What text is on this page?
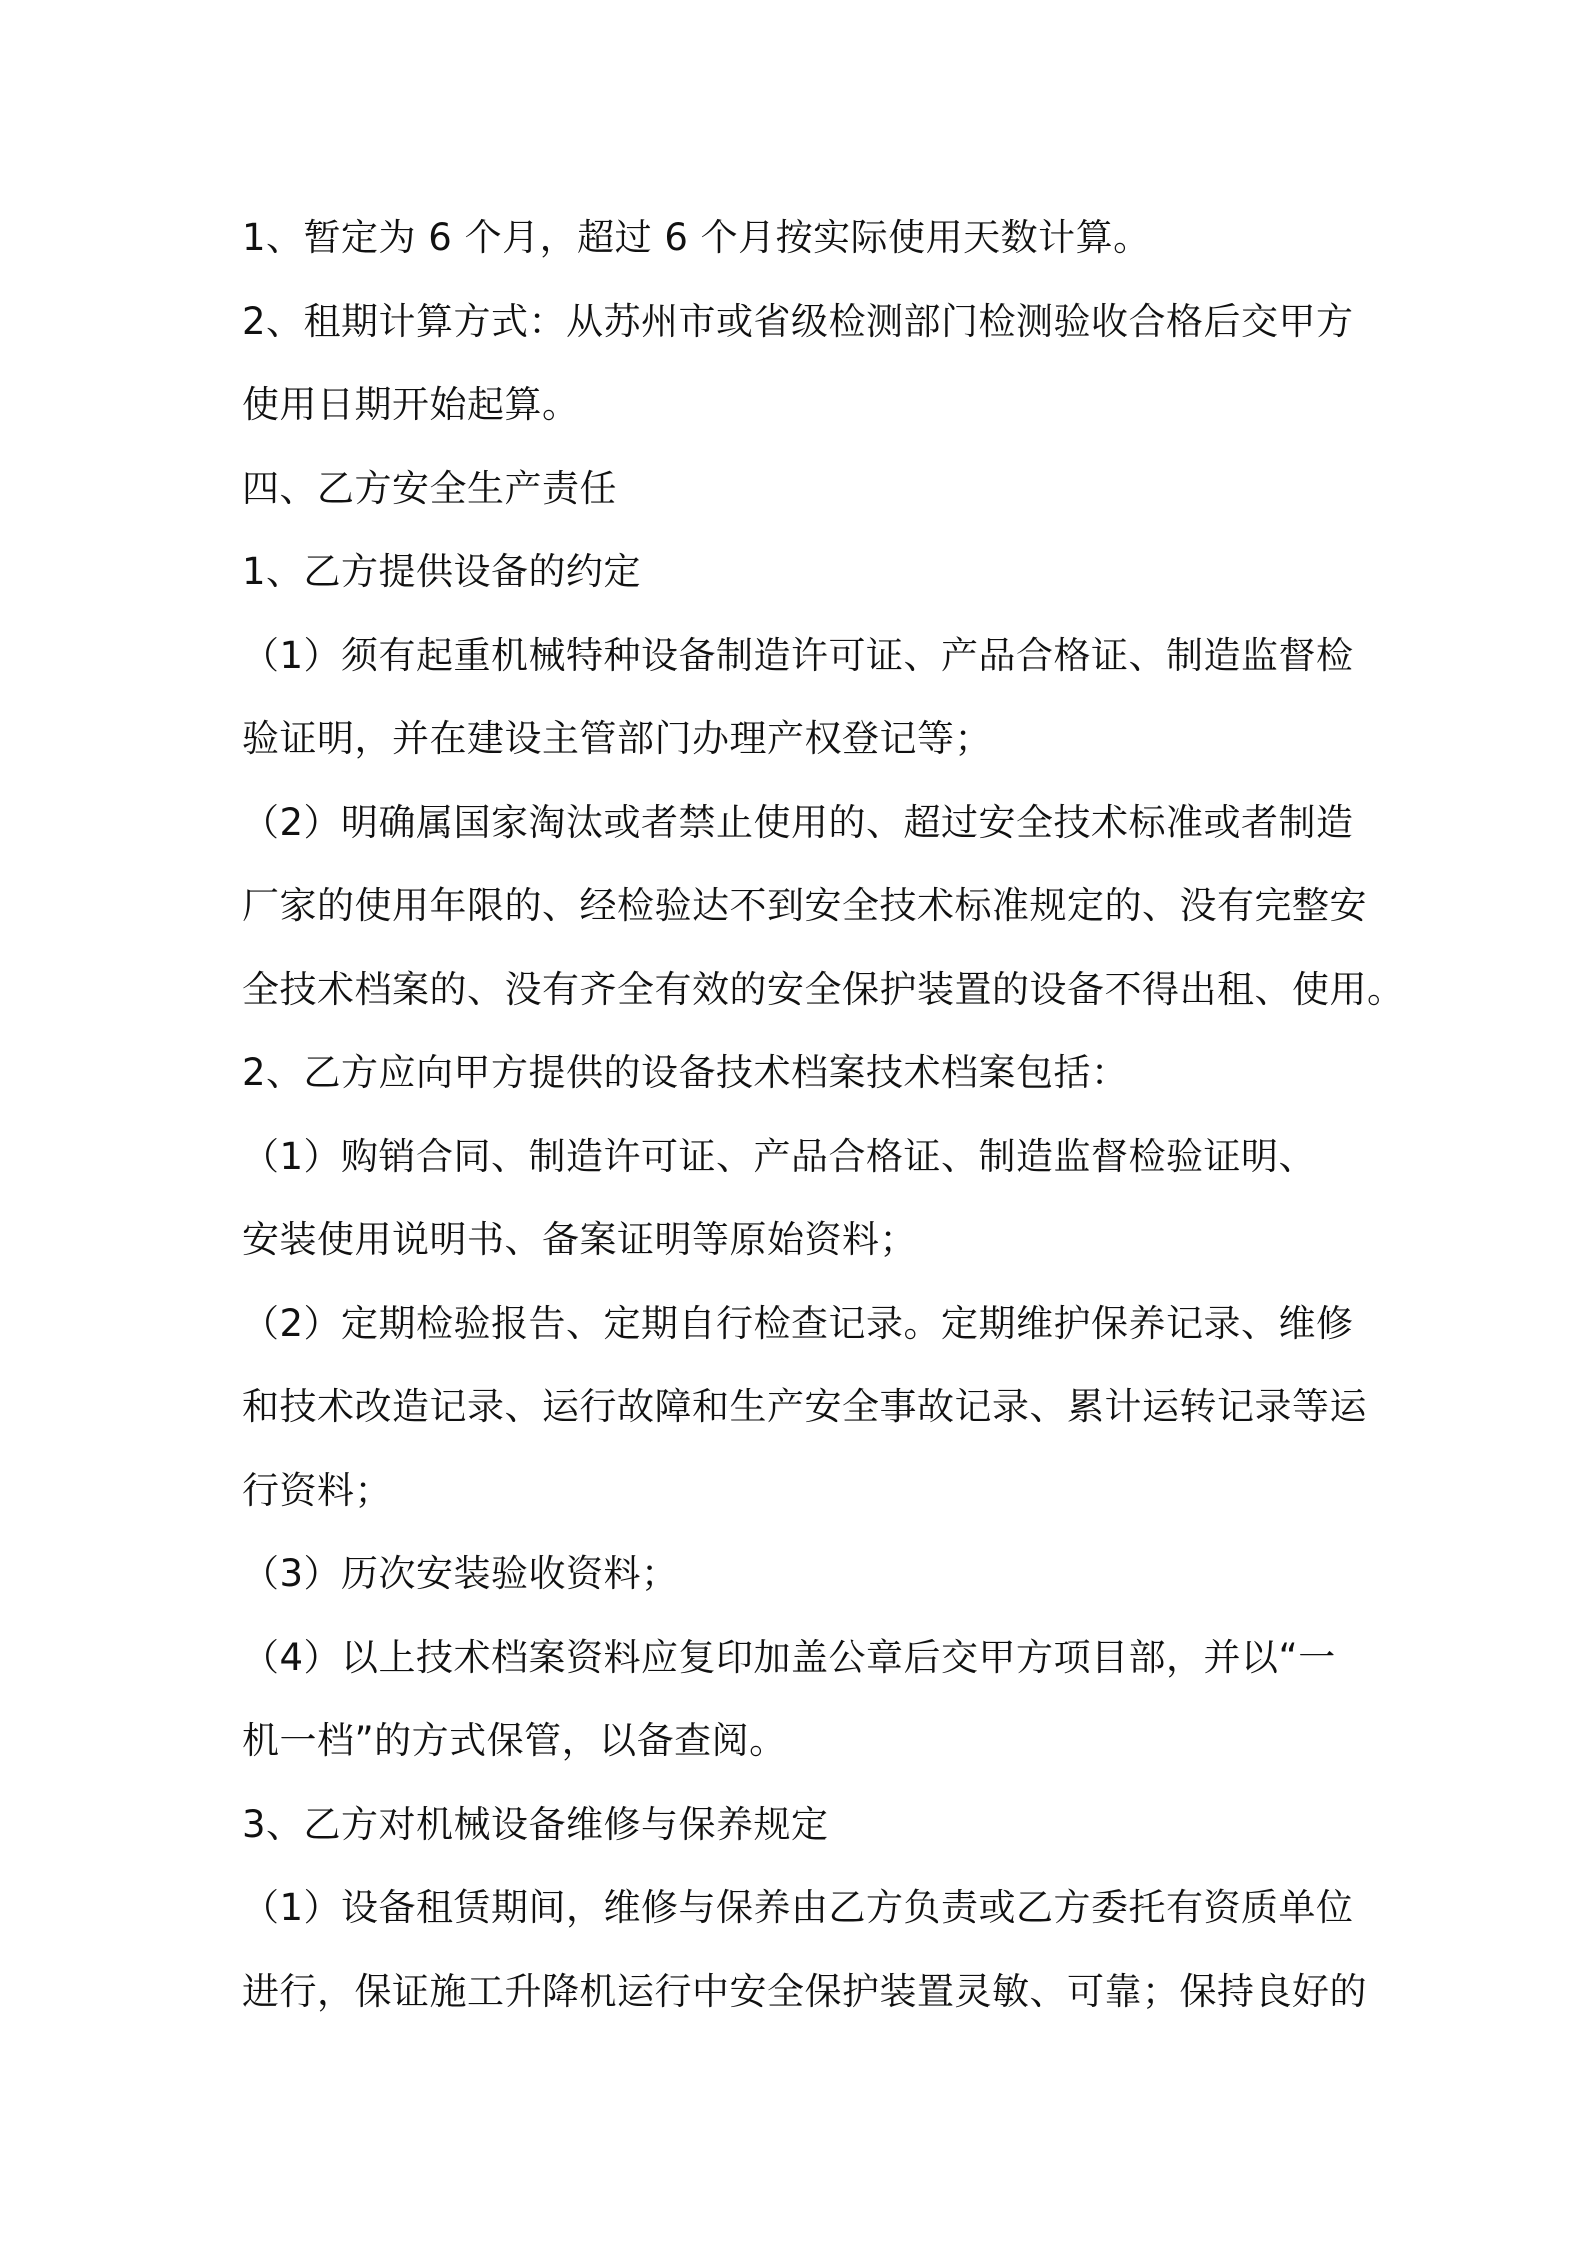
1、暂定为 6 个月，超过 6 个月按实际使用天数计算。

2、租期计算方式：从苏州市或省级检测部门检测验收合格后交甲方

使用日期开始起算。

四、乙方安全生产责任

1、乙方提供设备的约定

（1）须有起重机械特种设备制造许可证、产品合格证、制造监督检

验证明，并在建设主管部门办理产权登记等；

（2）明确属国家淘汰或者禁止使用的、超过安全技术标准或者制造

厂家的使用年限的、经检验达不到安全技术标准规定的、没有完整安

全技术档案的、没有齐全有效的安全保护装置的设备不得出租、使用。

2、乙方应向甲方提供的设备技术档案技术档案包括：

（1）购销合同、制造许可证、产品合格证、制造监督检验证明、

安装使用说明书、备案证明等原始资料；

（2）定期检验报告、定期自行检查记录。定期维护保养记录、维修

和技术改造记录、运行故障和生产安全事故记录、累计运转记录等运

行资料；

（3）历次安装验收资料；

（4）以上技术档案资料应复印加盖公章后交甲方项目部，并以“一

机一档”的方式保管，以备查阅。

3、乙方对机械设备维修与保养规定

（1）设备租赁期间，维修与保养由乙方负责或乙方委托有资质单位

进行，保证施工升降机运行中安全保护装置灵敏、可靠；保持良好的
